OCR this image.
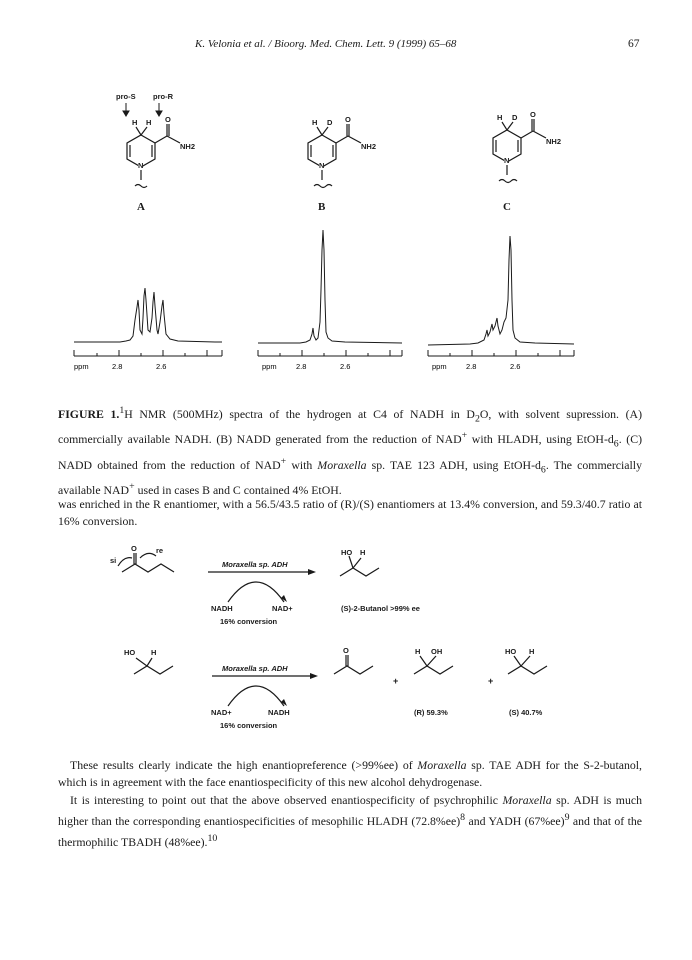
K. Velonia et al. / Bioorg. Med. Chem. Lett. 9 (1999) 65–68	67
pro-S pro-R
H H O
NH2
N
A
H D O
NH2
N
B
H D O
NH2
N
C
ppm	2.8	2.6	ppm	2.8	2.6	ppm	2.8	2.6
FIGURE 1.$^1$H NMR (500MHz) spectra of the hydrogen at C4 of NADH in $D_2O$, with solvent supression. (A) commercially available NADH. (B) NADD generated from the reduction of NAD+ with HLADH, using EtOH-$d_6$. (C) NADD obtained from the reduction of NAD+ with Moraxella sp. TAE 123 ADH, using EtOH-$d_6$. The commercially available NAD+ used in cases B and C contained 4% EtOH.
was enriched in the R enantiomer, with a 56.5/43.5 ratio of (R)/(S) enantiomers at 13.4% conversion, and 59.3/40.7 ratio at 16% conversion.
si
re
O
Moraxella sp. ADH
NADH	NAD+
16% conversion
HO H
(S)-2-Butanol >99% ee
HO H
Moraxella sp. ADH
NAD+	NADH
16% conversion
O
+
H OH
+
HO H
(R) 59.3%	(S) 40.7%
These results clearly indicate the high enantiopreference (>99%ee) of Moraxella sp. TAE ADH for the S-2-butanol, which is in agreement with the face enantiospecificity of this new alcohol dehydrogenase.
It is interesting to point out that the above observed enantiospecificity of psychrophilic Moraxella sp. ADH is much higher than the corresponding enantiospecificities of mesophilic HLADH $(72.8\%ee)^8$ and YADH $(67\%ee)^9$ and that of the thermophilic TBADH (48%ee).$^{10}$
